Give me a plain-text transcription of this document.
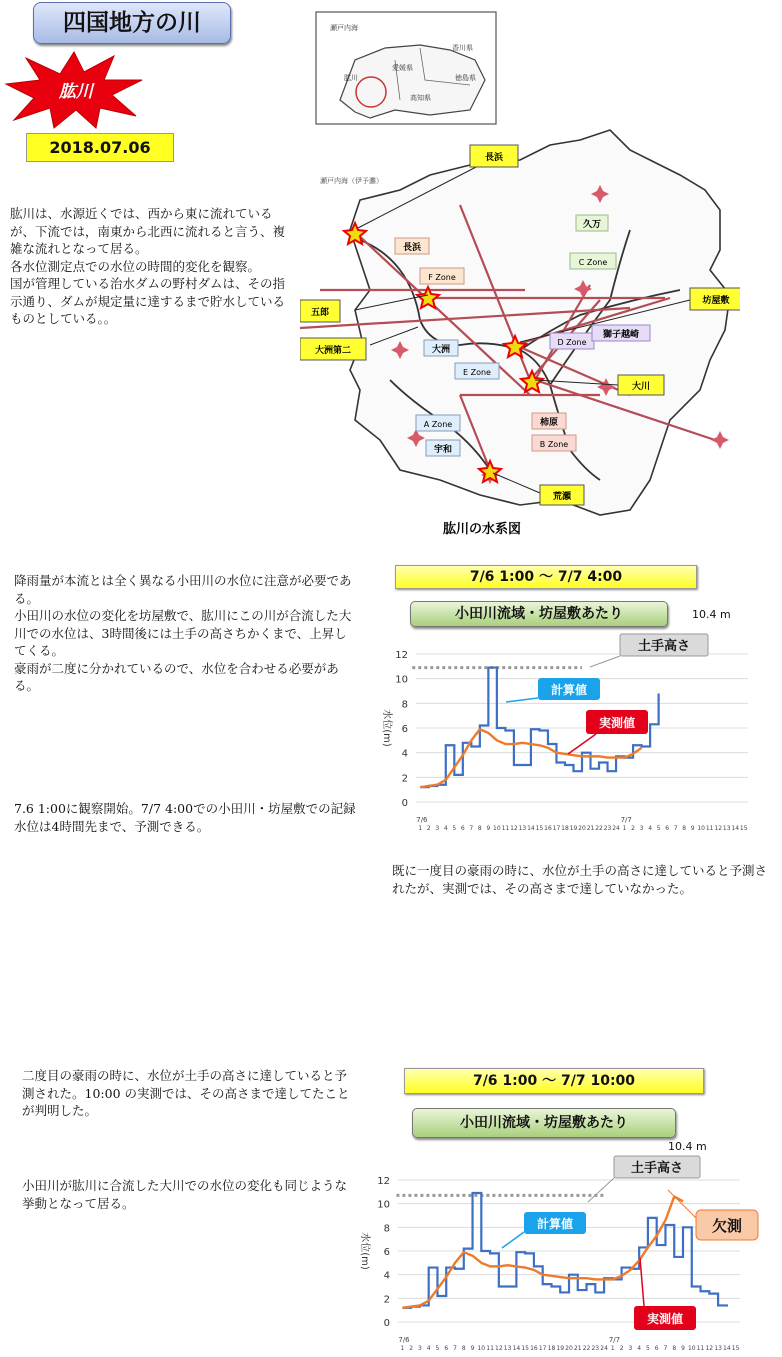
四国地方の川
肱川
2018.07.06
肱川は、水源近くでは、西から東に流れているが、下流では，南東から北西に流れると言う、複雑な流れとなって居る。
各水位測定点での水位の時間的変化を観察。
国が管理している治水ダムの野村ダムは、その指示通り、ダムが規定量に達するまで貯水しているものとしている。。
瀬戸内海
香川県
愛媛県
徳島県
高知県
肱川
瀬戸内海（伊予灘）
長浜
五郎
大洲第二
坊屋敷
大川
荒瀬
F Zone
C Zone
D Zone
E Zone
A Zone
B Zone
長浜
大洲
宇和
柿原
久万
獅子越崎
肱川の水系図
降雨量が本流とは全く異なる小田川の水位に注意が必要である。
小田川の水位の変化を坊屋敷で、肱川にこの川が合流した大川での水位は、3時間後には土手の高さちかくまで、上昇してくる。
豪雨が二度に分かれているので、水位を合わせる必要がある。
7.6 1:00に観察開始。7/7 4:00での小田川・坊屋敷での記録
水位は4時間先まで、予測できる。
7/6 1:00 ～ 7/7 4:00
小田川流域・坊屋敷あたり	10.4 m
0
2
4
6
8
10
12
水位(m)
1 2 3 4 5 6 7 8 9 10 11 12 13 14 15 16 17 18 19 20 21 22 23 24 1 2 3 4 5 6 7 8 9 10 11 12 13 14 15
7/6	7/7
土手高さ
計算値
実測値
既に一度目の豪雨の時に、水位が土手の高さに達していると予測されたが、実測では、その高さまで達していなかった。
二度目の豪雨の時に、水位が土手の高さに達していると予測された。10:00 の実測では、その高さまで達してたことが判明した。
小田川が肱川に合流した大川での水位の変化も同じような挙動となって居る。
7/6 1:00 ～ 7/7 10:00
小田川流域・坊屋敷あたり
10.4 m
0
2
4
6
8
10
12
水位(m)
1 2 3 4 5 6 7 8 9 10 11 12 13 14 15 16 17 18 19 20 21 22 23 24 1 2 3 4 5 6 7 8 9 10 11 12 13 14 15
7/6	7/7
土手高さ
計算値
実測値
欠測
